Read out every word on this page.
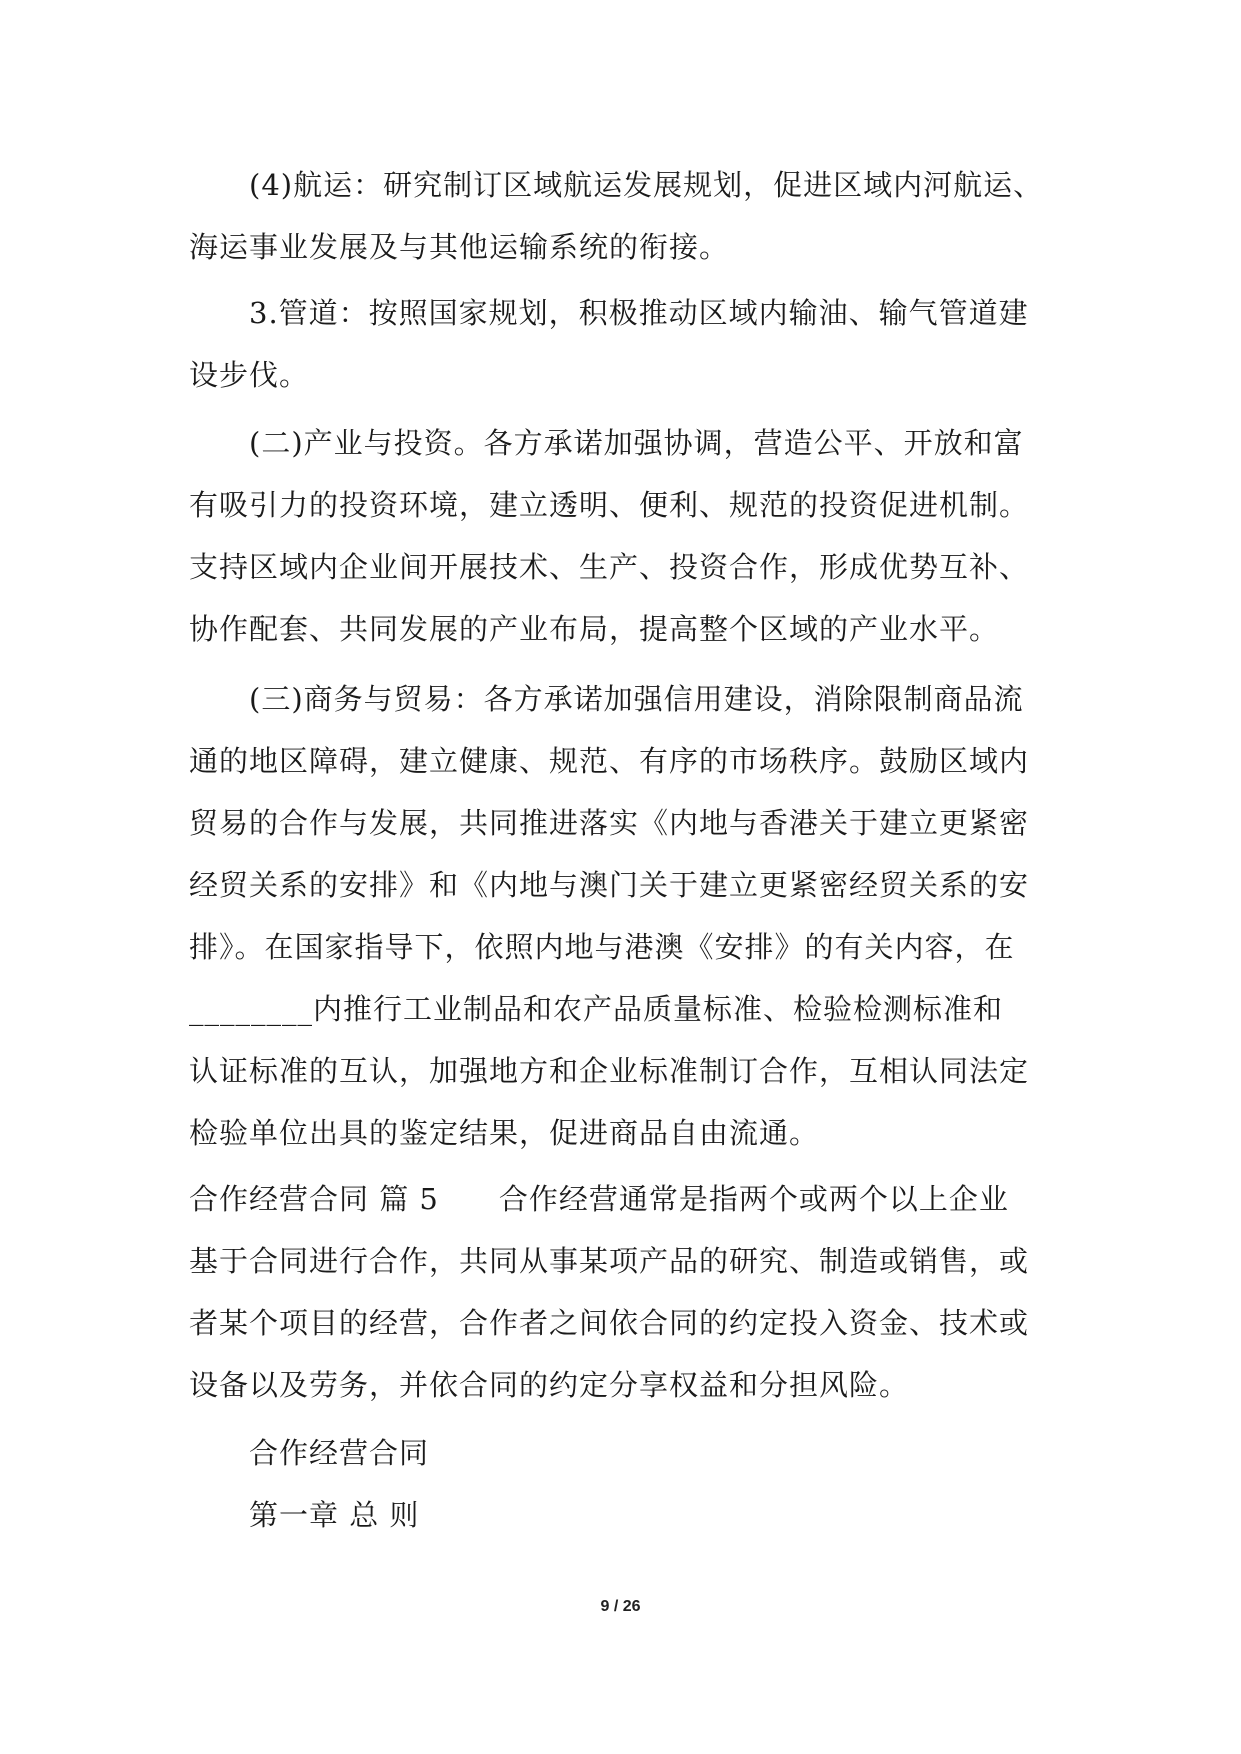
(4)航运：研究制订区域航运发展规划，促进区域内河航运、
海运事业发展及与其他运输系统的衔接。
3.管道：按照国家规划，积极推动区域内输油、输气管道建
设步伐。
(二)产业与投资。各方承诺加强协调，营造公平、开放和富
有吸引力的投资环境，建立透明、便利、规范的投资促进机制。
支持区域内企业间开展技术、生产、投资合作，形成优势互补、
协作配套、共同发展的产业布局，提高整个区域的产业水平。
(三)商务与贸易：各方承诺加强信用建设，消除限制商品流
通的地区障碍，建立健康、规范、有序的市场秩序。鼓励区域内
贸易的合作与发展，共同推进落实《内地与香港关于建立更紧密
经贸关系的安排》和《内地与澳门关于建立更紧密经贸关系的安
排》。在国家指导下，依照内地与港澳《安排》的有关内容，在
________内推行工业制品和农产品质量标准、检验检测标准和
认证标准的互认，加强地方和企业标准制订合作，互相认同法定
检验单位出具的鉴定结果，促进商品自由流通。
合作经营合同 篇 5 合作经营通常是指两个或两个以上企业
基于合同进行合作，共同从事某项产品的研究、制造或销售，或
者某个项目的经营，合作者之间依合同的约定投入资金、技术或
设备以及劳务，并依合同的约定分享权益和分担风险。
合作经营合同
第一章 总 则
9 / 26
